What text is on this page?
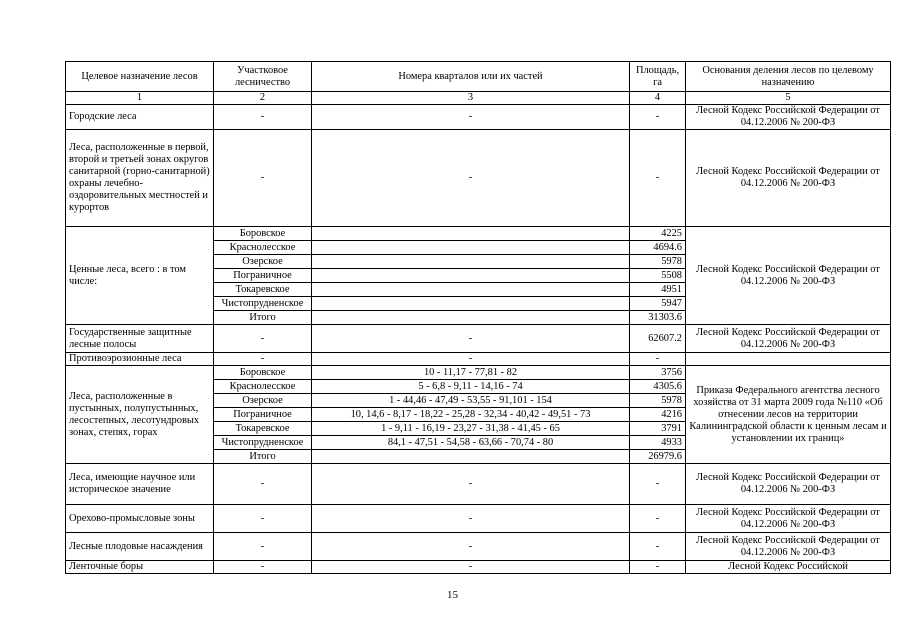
Целевое назначение лесов	Участковое лесничество	Номера кварталов или их частей	Площадь, га	Основания деления лесов по целевому назначению
1	2	3	4	5
Городские леса	-	-	-	Лесной Кодекс Российской Федерации от 04.12.2006 № 200-ФЗ
Леса, расположенные в первой, второй и третьей зонах округов санитарной (горно-санитарной) охраны лечебно-оздоровительных местностей и курортов	-	-	-	Лесной Кодекс Российской Федерации от 04.12.2006 № 200-ФЗ
Ценные леса, всего : в том числе:	Боровское		4225	Лесной Кодекс Российской Федерации от 04.12.2006 № 200-ФЗ
	Краснолесское		4694.6	
	Озерское		5978	
	Пограничное		5508	
	Токаревское		4951	
	Чистопрудненское		5947	
	Итого		31303.6	
Государственные защитные лесные полосы	-	-	62607.2	Лесной Кодекс Российской Федерации от 04.12.2006 № 200-ФЗ
Противоэрозионные леса	-	-	-	
Леса, расположенные в пустынных, полупустынных, лесостепных, лесотундровых зонах, степях, горах	Боровское	10 - 11,17 - 77,81 - 82	3756	Приказа Федерального агентства лесного хозяйства от 31 марта 2009 года №110 «Об отнесении лесов на территории Калининградской области к ценным лесам и установлении их границ»
	Краснолесское	5 - 6,8 - 9,11 - 14,16 - 74	4305.6	
	Озерское	1 - 44,46 - 47,49 - 53,55 - 91,101 - 154	5978	
	Пограничное	10, 14,6 - 8,17 - 18,22 - 25,28 - 32,34 - 40,42 - 49,51 - 73	4216	
	Токаревское	1 - 9,11 - 16,19 - 23,27 - 31,38 - 41,45 - 65	3791	
	Чистопрудненское	84,1 - 47,51 - 54,58 - 63,66 - 70,74 - 80	4933	
	Итого		26979.6	
Леса, имеющие научное или историческое значение	-	-	-	Лесной Кодекс Российской Федерации от 04.12.2006 № 200-ФЗ
Орехово-промысловые зоны	-	-	-	Лесной Кодекс Российской Федерации от 04.12.2006 № 200-ФЗ
Лесные плодовые насаждения	-	-	-	Лесной Кодекс Российской Федерации от 04.12.2006 № 200-ФЗ
Ленточные боры	-	-	-	Лесной Кодекс Российской
15
